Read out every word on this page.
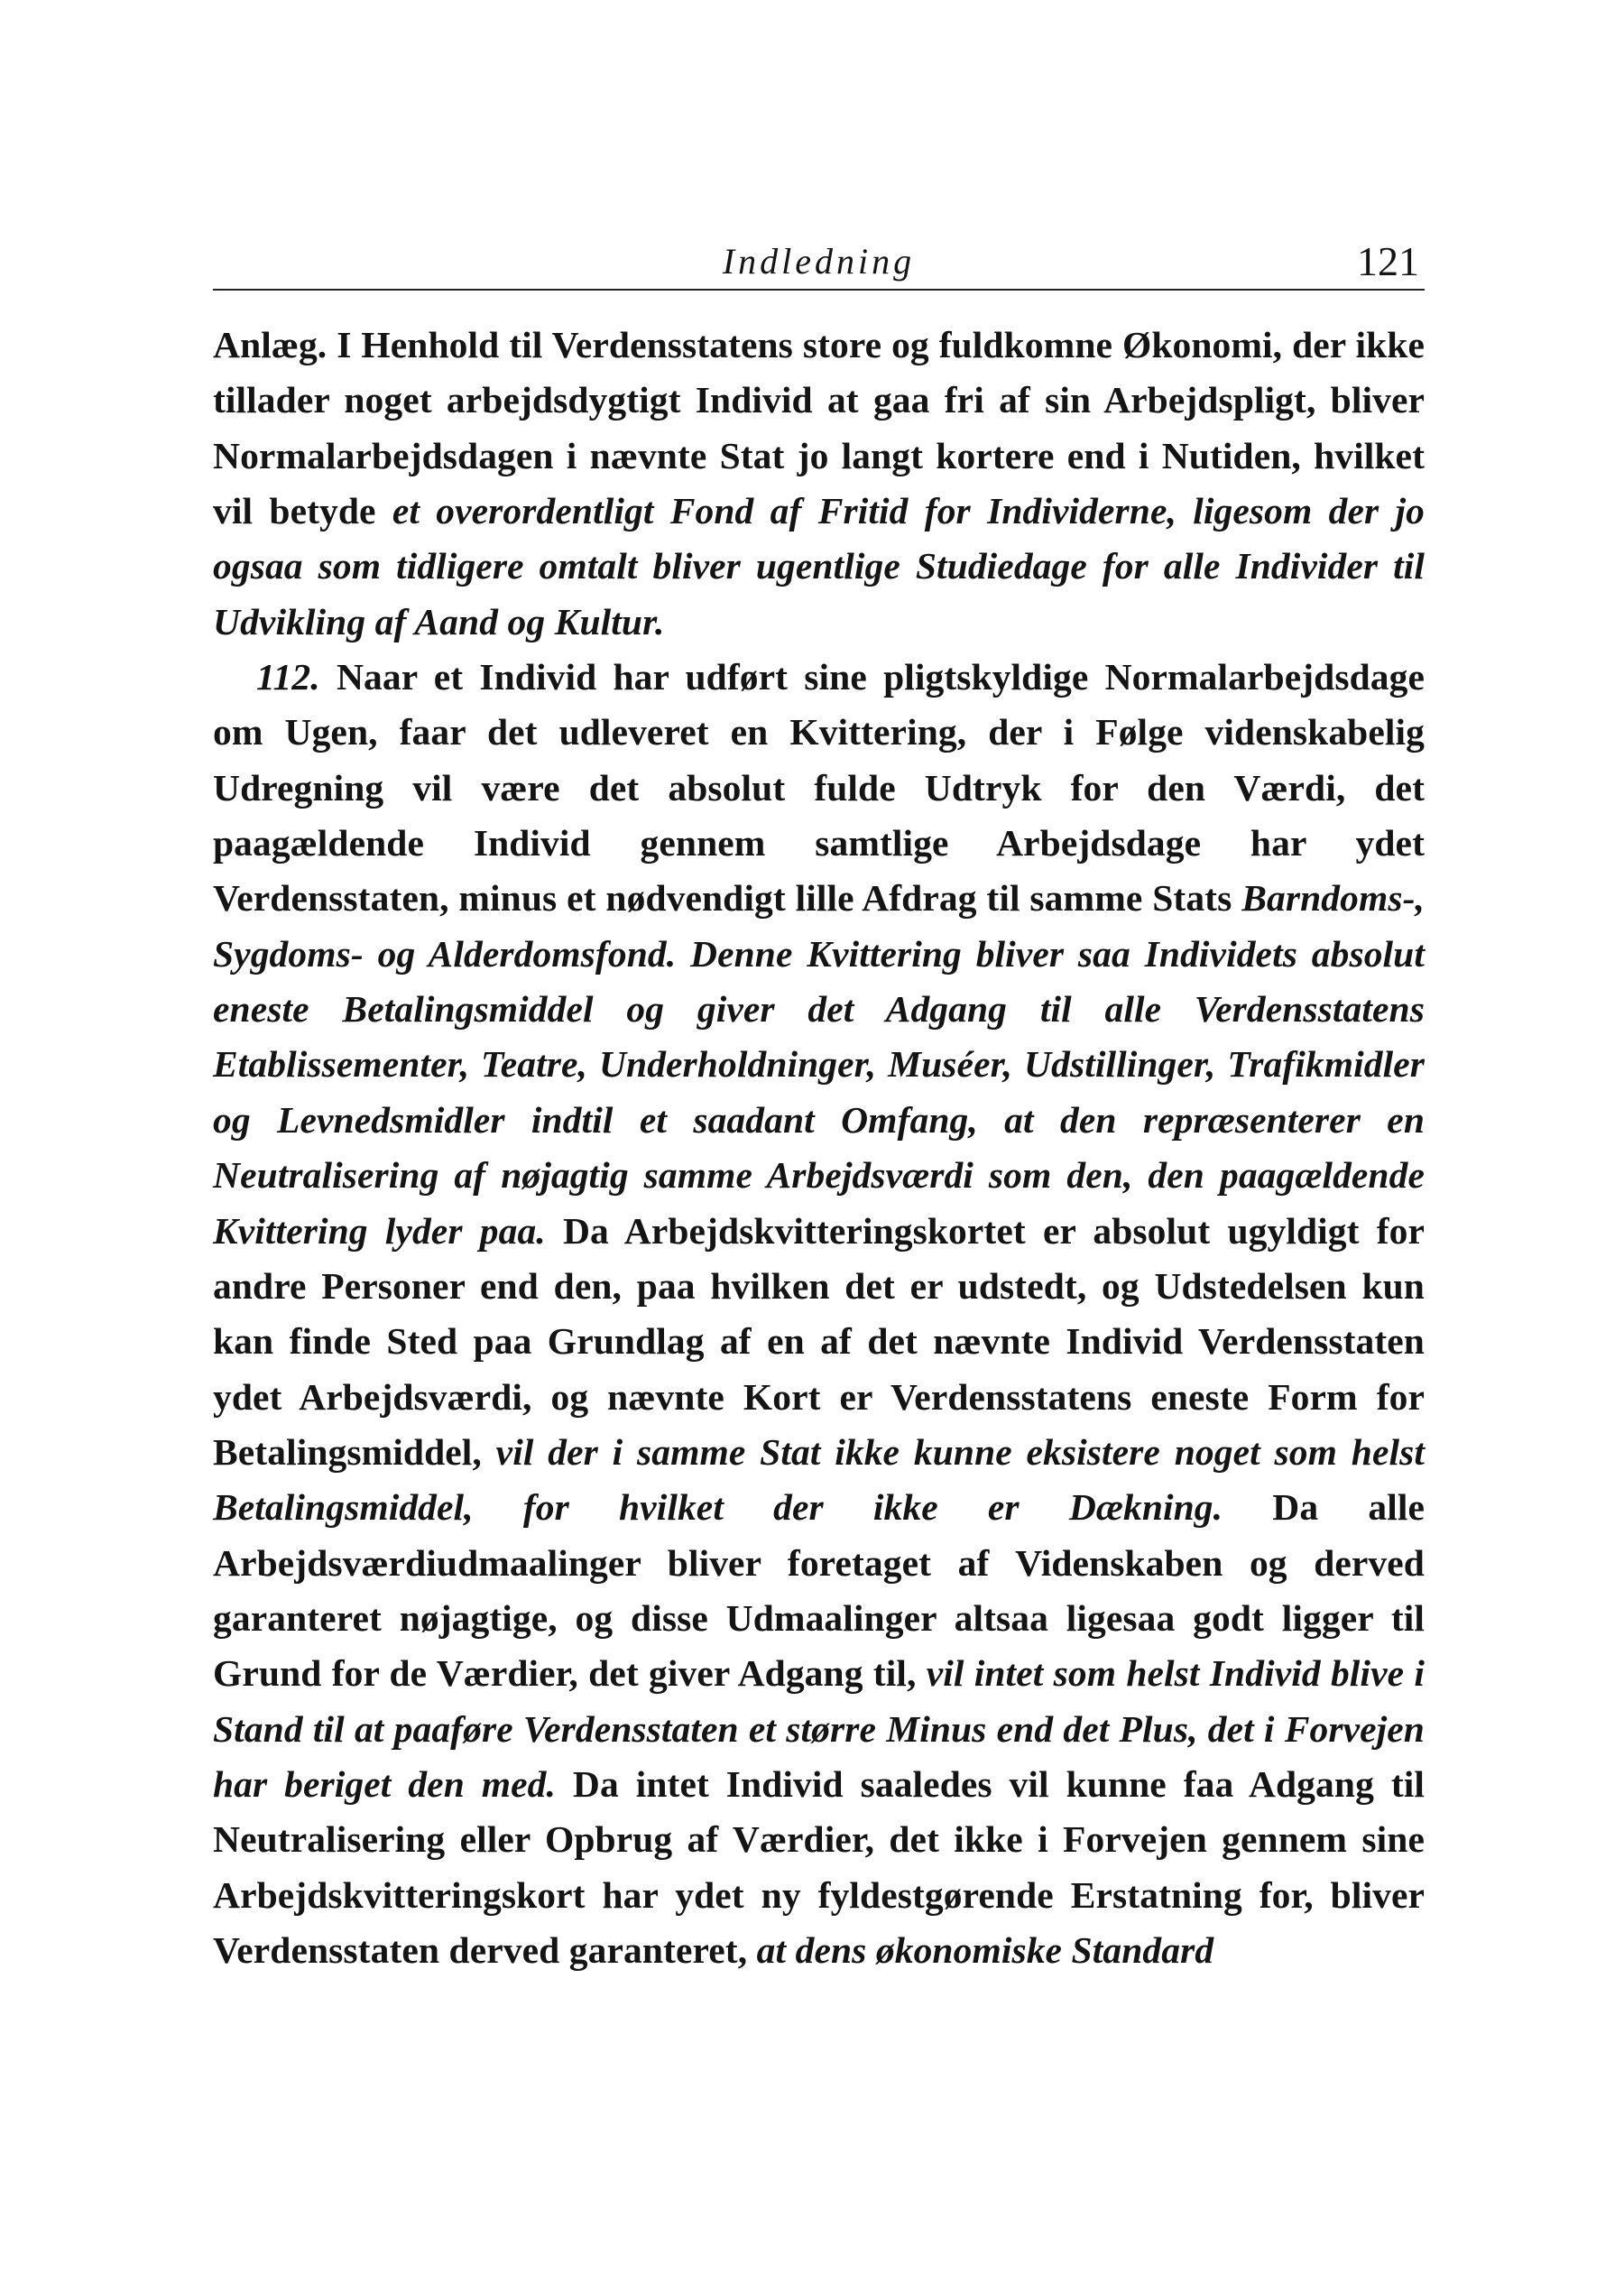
Indledning	121

Anlæg. I Henhold til Verdensstatens store og fuldkomne Økonomi, der ikke tillader noget arbejdsdygtigt Individ at gaa fri af sin Arbejdspligt, bliver Normalarbejdsdagen i nævnte Stat jo langt kortere end i Nutiden, hvilket vil betyde et overordentligt Fond af Fritid for Individerne, ligesom der jo ogsaa som tidligere omtalt bliver ugentlige Studiedage for alle Individer til Udvikling af Aand og Kultur.

112. Naar et Individ har udført sine pligtskyldige Normalarbejdsdage om Ugen, faar det udleveret en Kvittering, der i Følge videnskabelig Udregning vil være det absolut fulde Udtryk for den Værdi, det paagældende Individ gennem samtlige Arbejdsdage har ydet Verdensstaten, minus et nødvendigt lille Afdrag til samme Stats Barndoms-, Sygdoms- og Alderdomsfond. Denne Kvittering bliver saa Individets absolut eneste Betalingsmiddel og giver det Adgang til alle Verdensstatens Etablissementer, Teatre, Underholdninger, Muséer, Udstillinger, Trafikmidler og Levnedsmidler indtil et saadant Omfang, at den repræsenterer en Neutralisering af nøjagtig samme Arbejdsværdi som den, den paagældende Kvittering lyder paa. Da Arbejdskvitteringskortet er absolut ugyldigt for andre Personer end den, paa hvilken det er udstedt, og Udstedelsen kun kan finde Sted paa Grundlag af en af det nævnte Individ Verdensstaten ydet Arbejdsværdi, og nævnte Kort er Verdensstatens eneste Form for Betalingsmiddel, vil der i samme Stat ikke kunne eksistere noget som helst Betalingsmiddel, for hvilket der ikke er Dækning. Da alle Arbejdsværdiudmaalinger bliver foretaget af Videnskaben og derved garanteret nøjagtige, og disse Udmaalinger altsaa ligesaa godt ligger til Grund for de Værdier, det giver Adgang til, vil intet som helst Individ blive i Stand til at paaføre Verdensstaten et større Minus end det Plus, det i Forvejen har beriget den med. Da intet Individ saaledes vil kunne faa Adgang til Neutralisering eller Opbrug af Værdier, det ikke i Forvejen gennem sine Arbejdskvitteringskort har ydet ny fyldestgørende Erstatning for, bliver Verdensstaten derved garanteret, at dens økonomiske Standard
